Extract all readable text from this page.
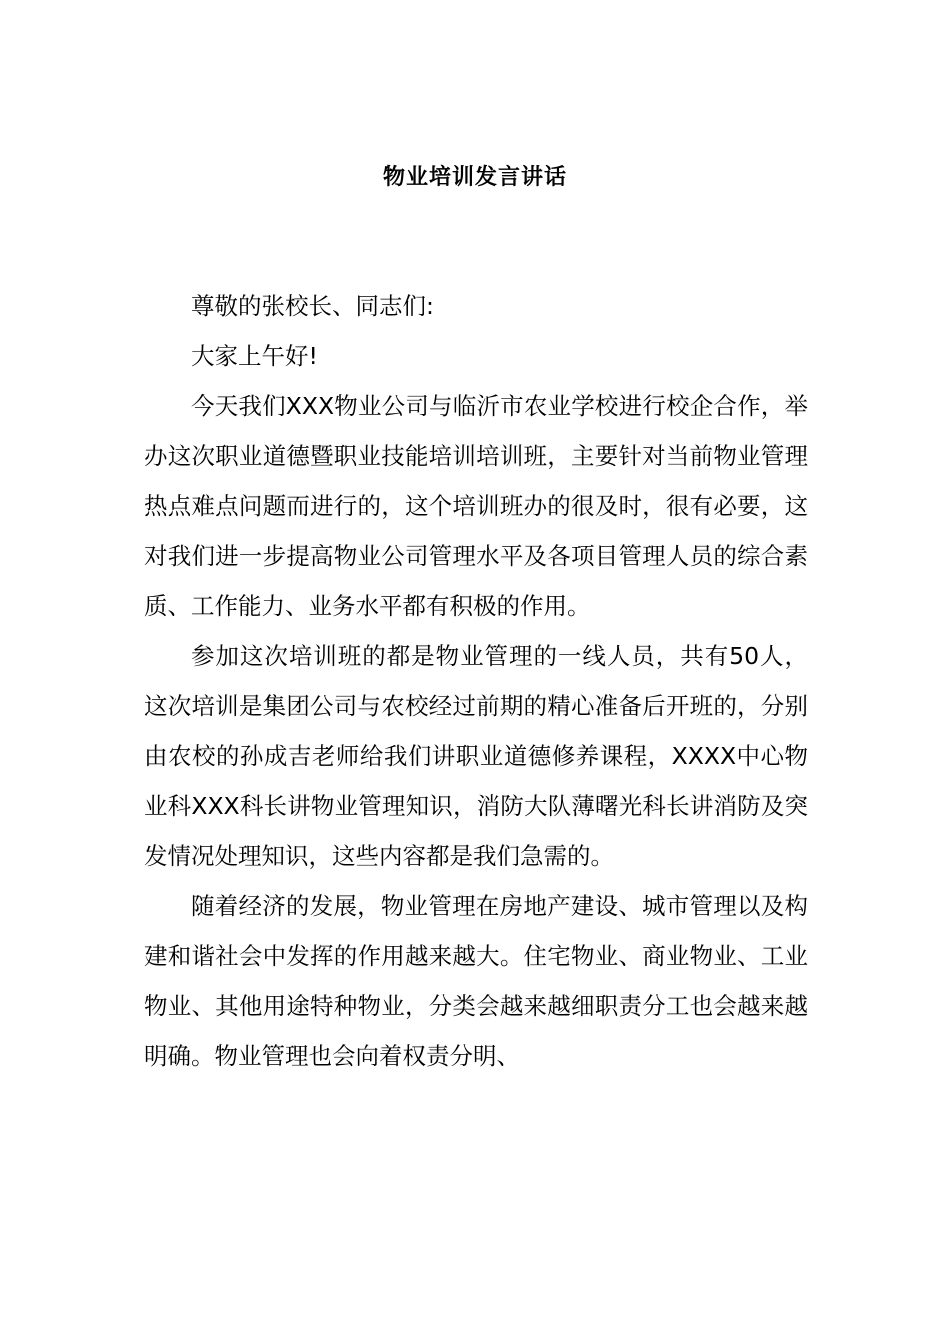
物业培训发言讲话

尊敬的张校长、同志们:

大家上午好!

今天我们XXX物业公司与临沂市农业学校进行校企合作，举办这次职业道德暨职业技能培训培训班，主要针对当前物业管理热点难点问题而进行的，这个培训班办的很及时，很有必要，这对我们进一步提高物业公司管理水平及各项目管理人员的综合素质、工作能力、业务水平都有积极的作用。

参加这次培训班的都是物业管理的一线人员，共有50人，这次培训是集团公司与农校经过前期的精心准备后开班的，分别由农校的孙成吉老师给我们讲职业道德修养课程，XXXX中心物业科XXX科长讲物业管理知识，消防大队薄曙光科长讲消防及突发情况处理知识，这些内容都是我们急需的。

随着经济的发展，物业管理在房地产建设、城市管理以及构建和谐社会中发挥的作用越来越大。住宅物业、商业物业、工业物业、其他用途特种物业，分类会越来越细职责分工也会越来越明确。物业管理也会向着权责分明、
